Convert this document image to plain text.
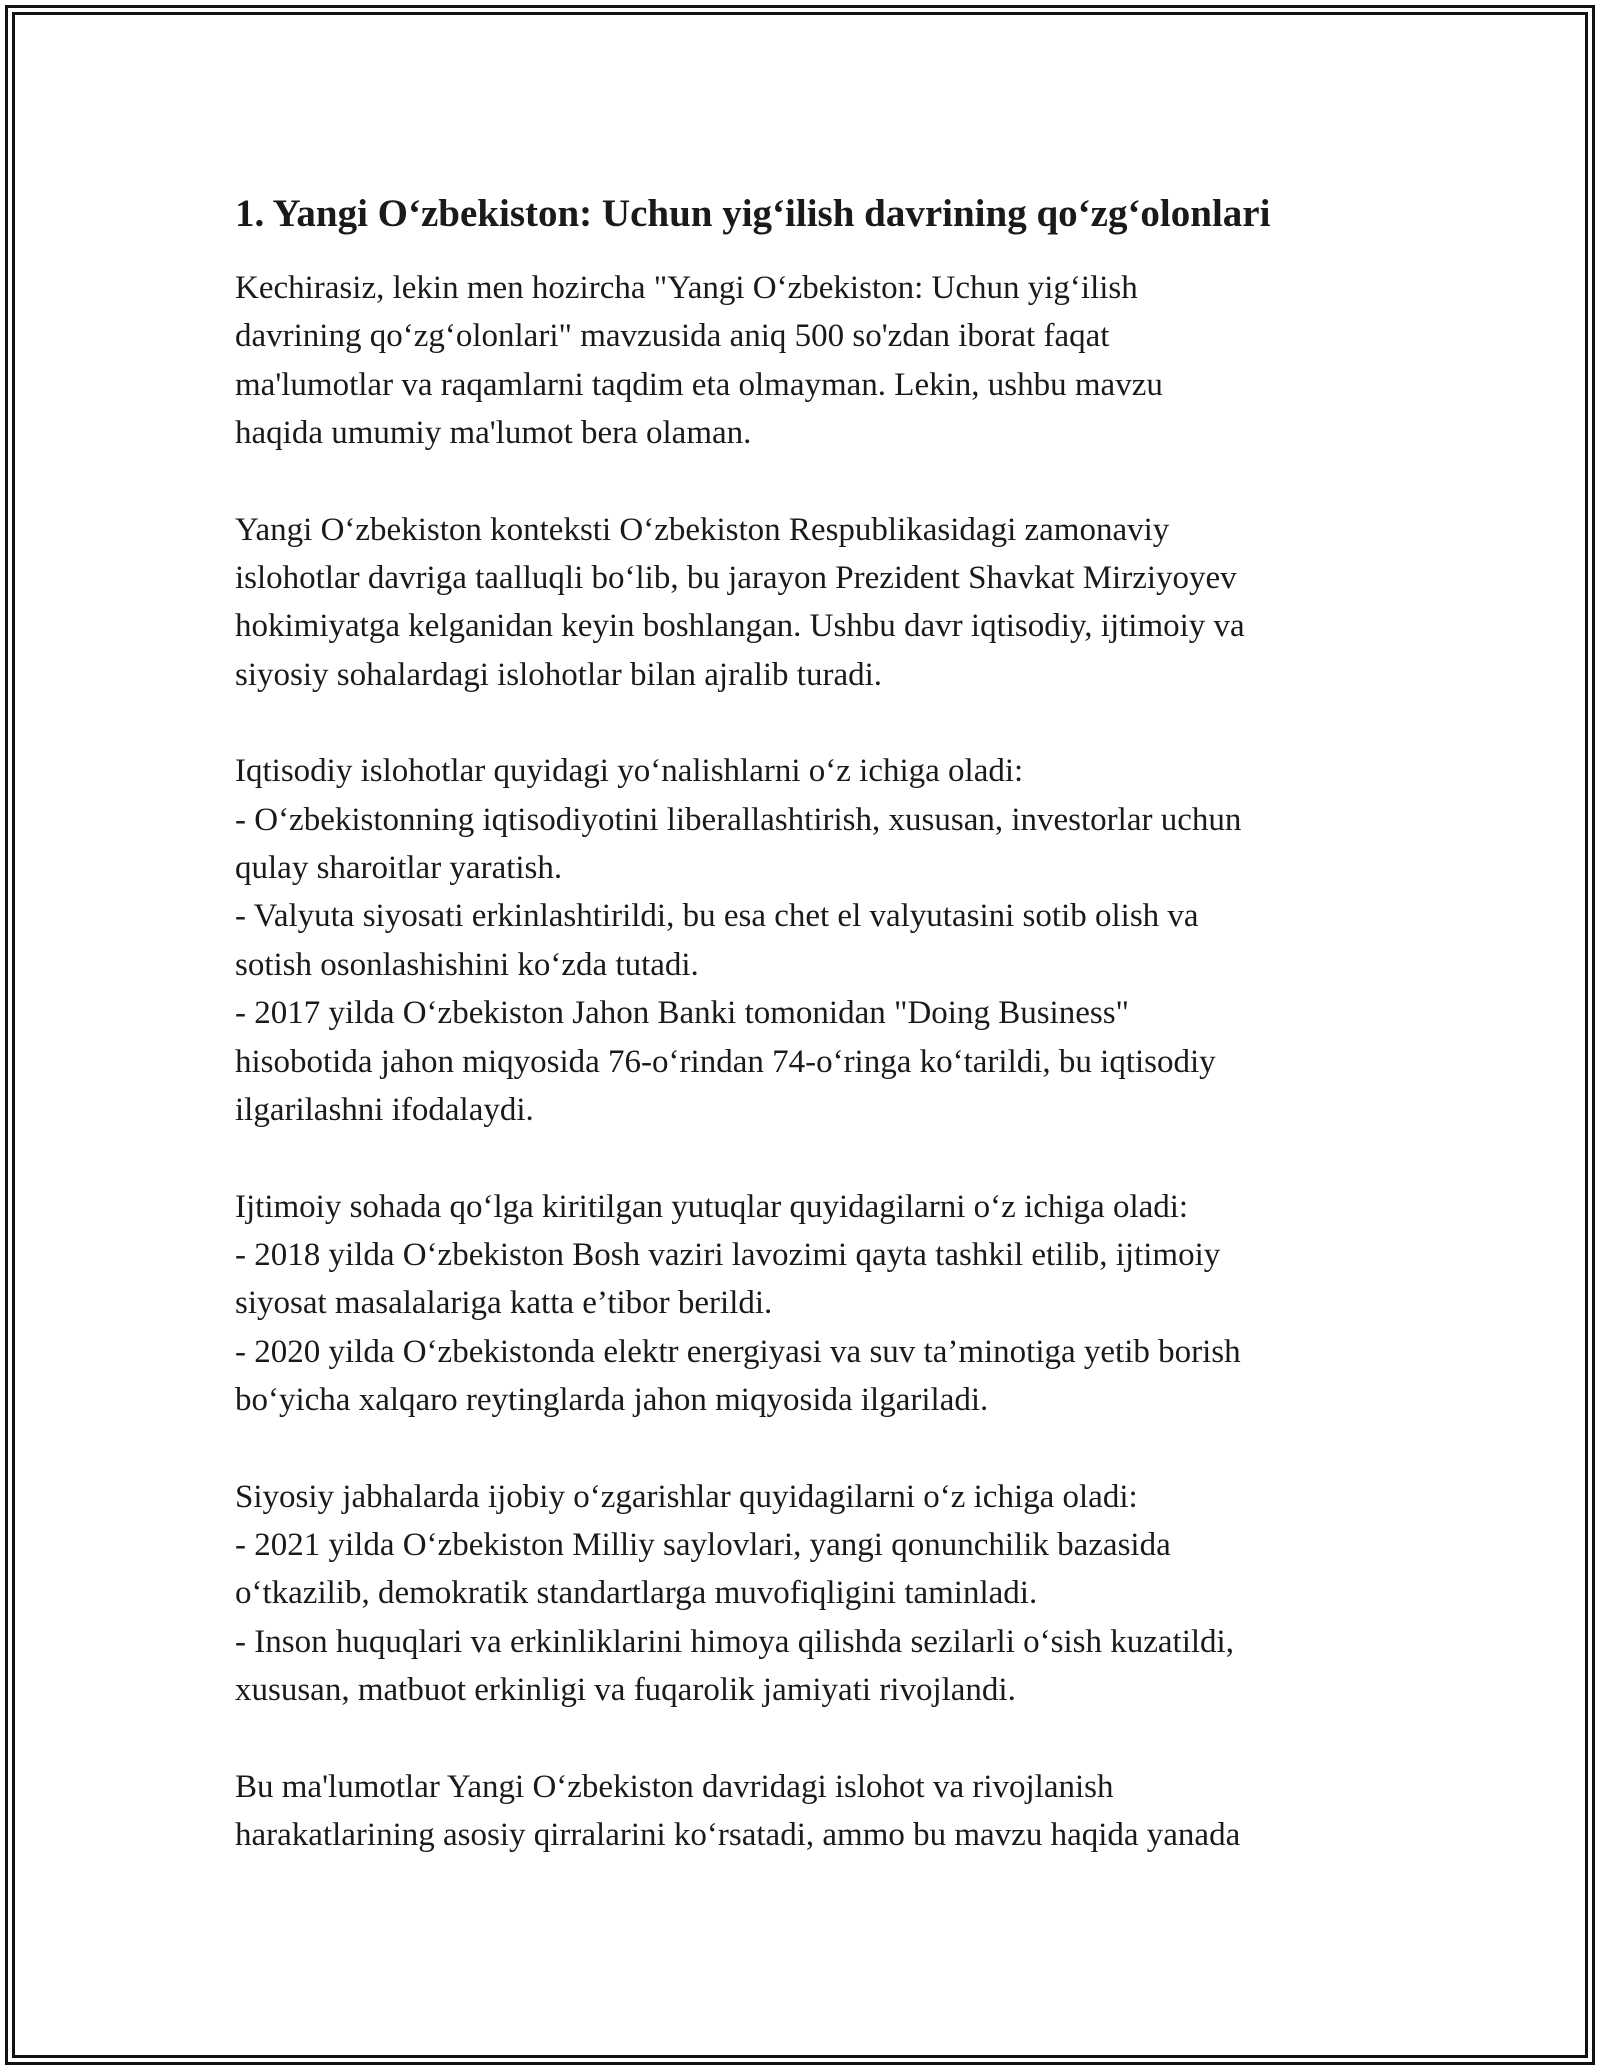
1. Yangi O‘zbekiston: Uchun yig‘ilish davrining qo‘zg‘olonlari

Kechirasiz, lekin men hozircha "Yangi O‘zbekiston: Uchun yig‘ilish
davrining qo‘zg‘olonlari" mavzusida aniq 500 so'zdan iborat faqat
ma'lumotlar va raqamlarni taqdim eta olmayman. Lekin, ushbu mavzu
haqida umumiy ma'lumot bera olaman.

Yangi O‘zbekiston konteksti O‘zbekiston Respublikasidagi zamonaviy
islohotlar davriga taalluqli bo‘lib, bu jarayon Prezident Shavkat Mirziyoyev
hokimiyatga kelganidan keyin boshlangan. Ushbu davr iqtisodiy, ijtimoiy va
siyosiy sohalardagi islohotlar bilan ajralib turadi.

Iqtisodiy islohotlar quyidagi yo‘nalishlarni o‘z ichiga oladi:
- O‘zbekistonning iqtisodiyotini liberallashtirish, xususan, investorlar uchun
qulay sharoitlar yaratish.
- Valyuta siyosati erkinlashtirildi, bu esa chet el valyutasini sotib olish va
sotish osonlashishini ko‘zda tutadi.
- 2017 yilda O‘zbekiston Jahon Banki tomonidan "Doing Business"
hisobotida jahon miqyosida 76-o‘rindan 74-o‘ringa ko‘tarildi, bu iqtisodiy
ilgarilashni ifodalaydi.

Ijtimoiy sohada qo‘lga kiritilgan yutuqlar quyidagilarni o‘z ichiga oladi:
- 2018 yilda O‘zbekiston Bosh vaziri lavozimi qayta tashkil etilib, ijtimoiy
siyosat masalalariga katta e’tibor berildi.
- 2020 yilda O‘zbekistonda elektr energiyasi va suv ta’minotiga yetib borish
bo‘yicha xalqaro reytinglarda jahon miqyosida ilgariladi.

Siyosiy jabhalarda ijobiy o‘zgarishlar quyidagilarni o‘z ichiga oladi:
- 2021 yilda O‘zbekiston Milliy saylovlari, yangi qonunchilik bazasida
o‘tkazilib, demokratik standartlarga muvofiqligini taminladi.
- Inson huquqlari va erkinliklarini himoya qilishda sezilarli o‘sish kuzatildi,
xususan, matbuot erkinligi va fuqarolik jamiyati rivojlandi.

Bu ma'lumotlar Yangi O‘zbekiston davridagi islohot va rivojlanish
harakatlarining asosiy qirralarini ko‘rsatadi, ammo bu mavzu haqida yanada
